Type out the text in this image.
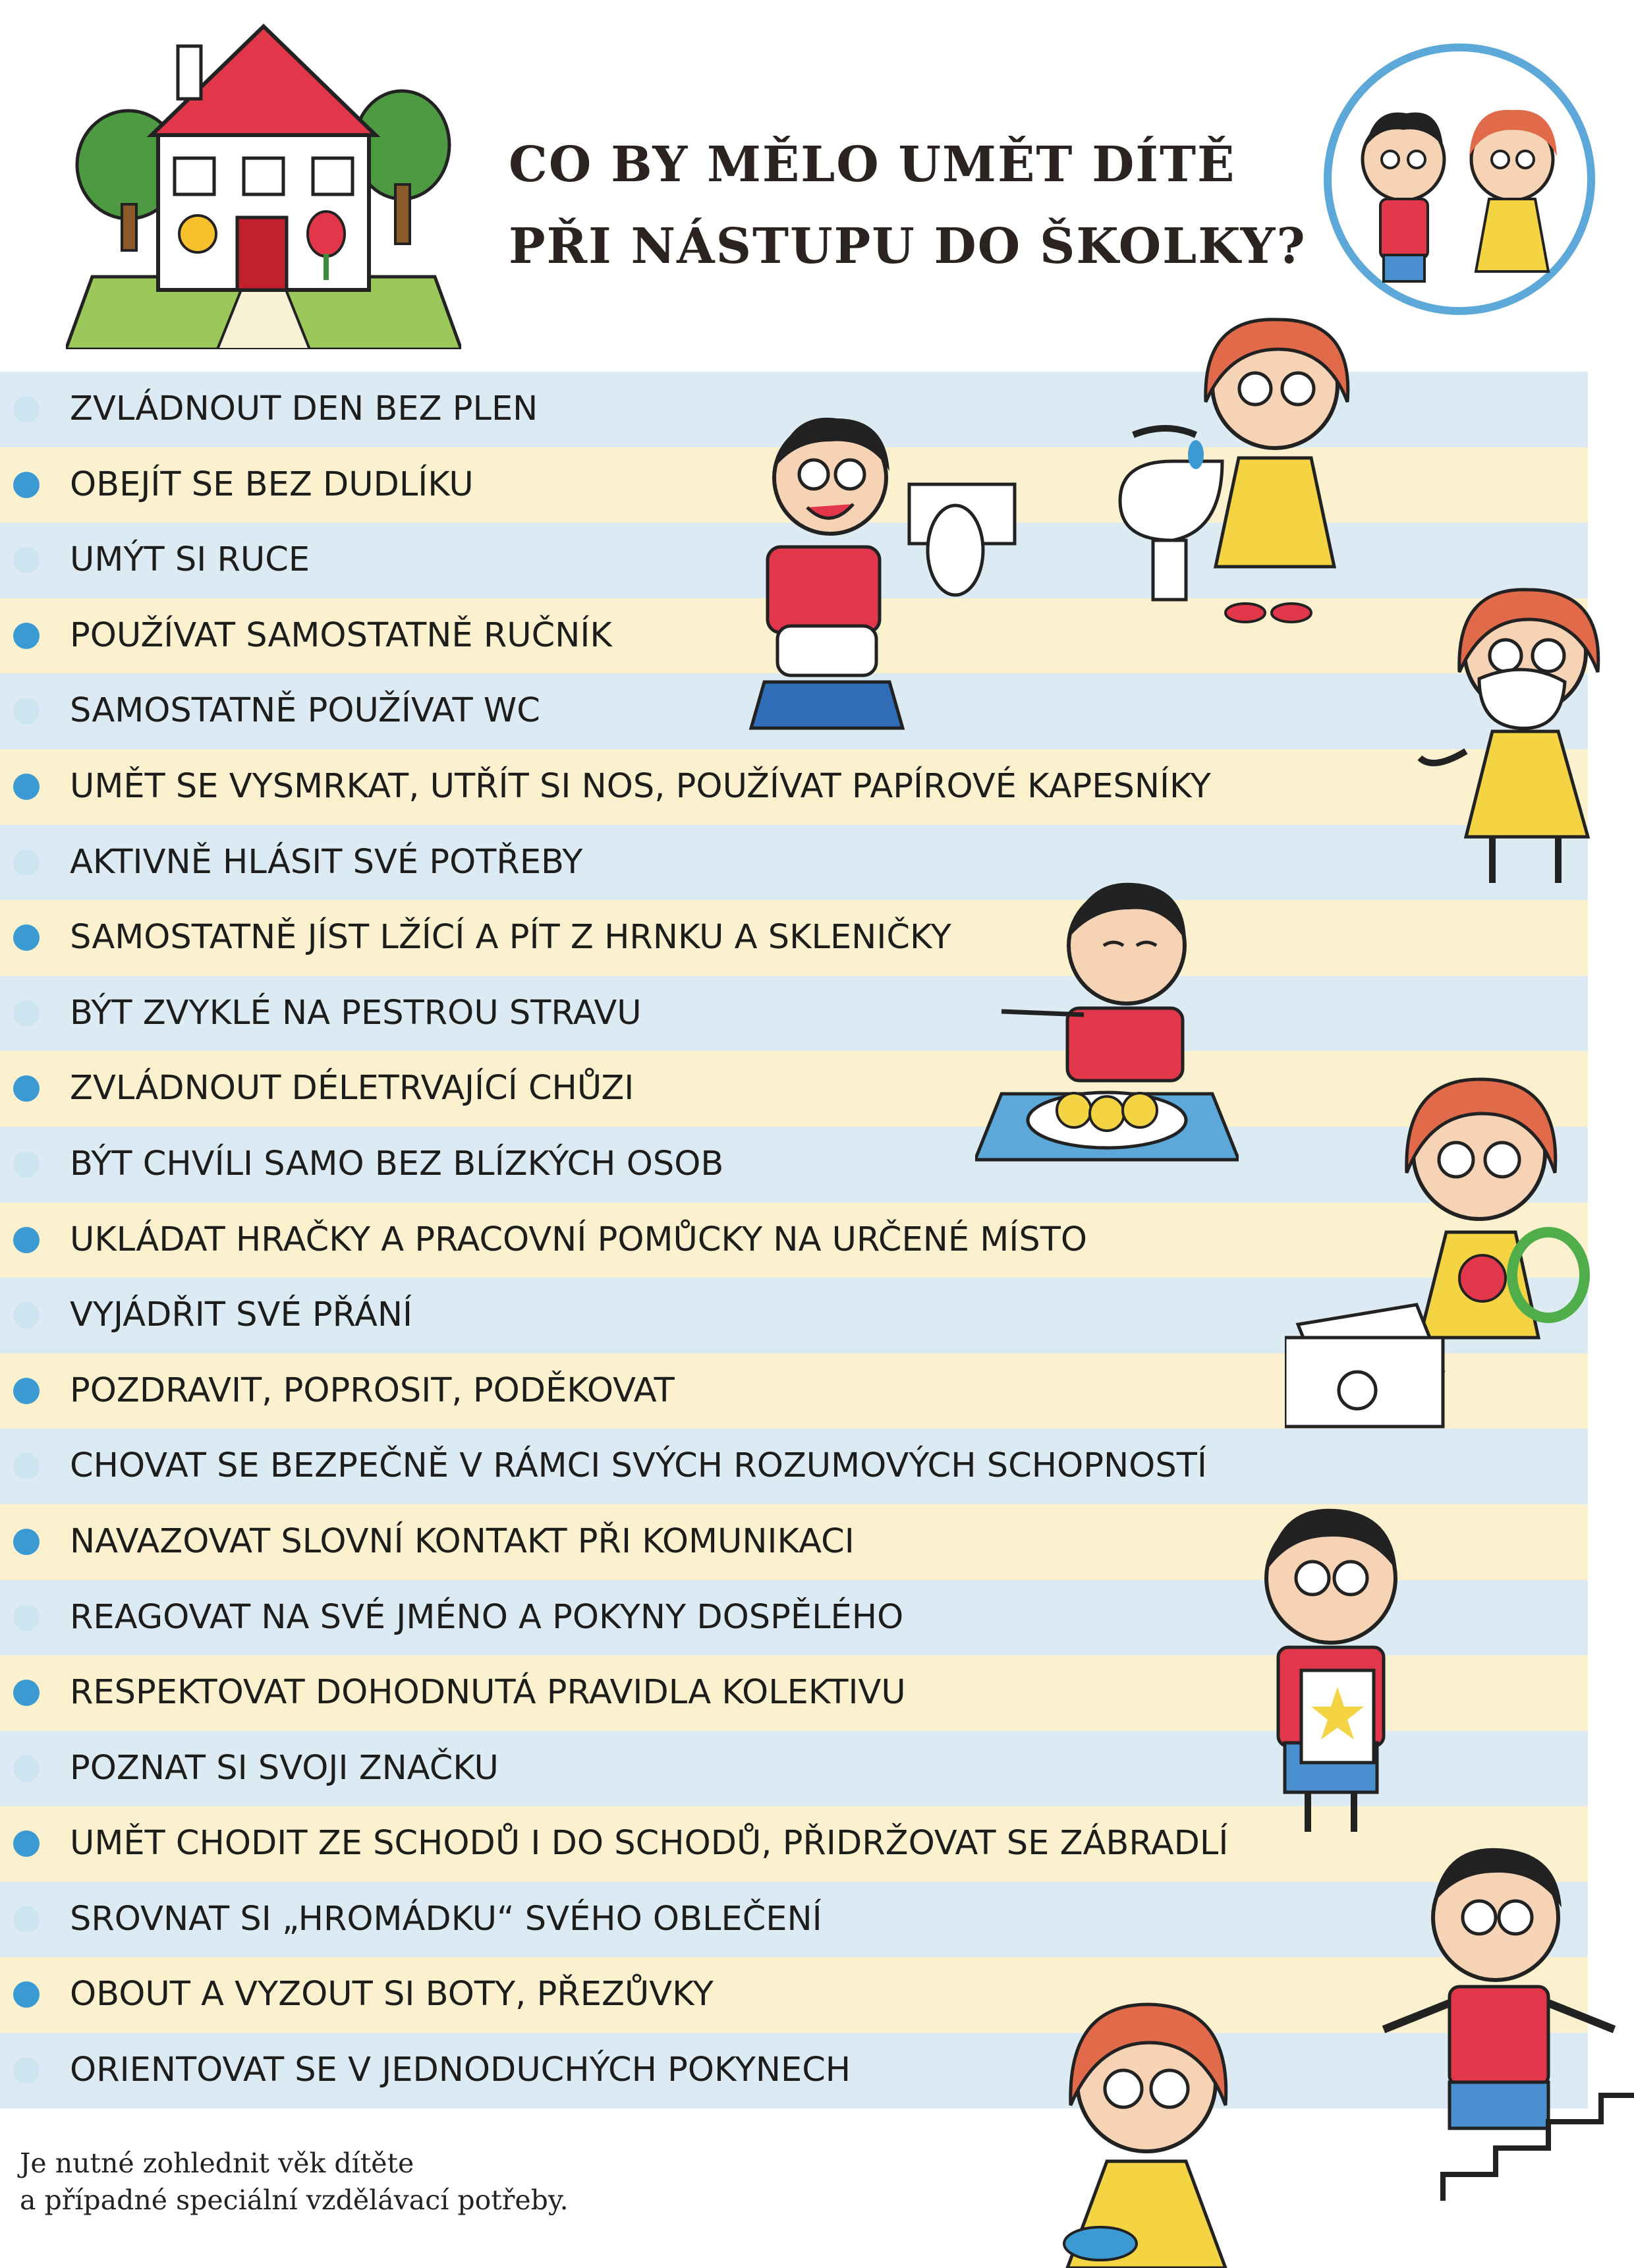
CO BY MĚLO UMĚT DÍTĚ
PŘI NÁSTUPU DO ŠKOLKY?
ZVLÁDNOUT DEN BEZ PLEN
OBEJÍT SE BEZ DUDLÍKU
UMÝT SI RUCE
POUŽÍVAT SAMOSTATNĚ RUČNÍK
SAMOSTATNĚ POUŽÍVAT WC
UMĚT SE VYSMRKAT, UTŘÍT SI NOS, POUŽÍVAT PAPÍROVÉ KAPESNÍKY
AKTIVNĚ HLÁSIT SVÉ POTŘEBY
SAMOSTATNĚ JÍST LŽÍCÍ A PÍT Z HRNKU A SKLENIČKY
BÝT ZVYKLÉ NA PESTROU STRAVU
ZVLÁDNOUT DÉLETRVAJÍCÍ CHŮZI
BÝT CHVÍLI SAMO BEZ BLÍZKÝCH OSOB
UKLÁDAT HRAČKY A PRACOVNÍ POMŮCKY NA URČENÉ MÍSTO
VYJÁDŘIT SVÉ PŘÁNÍ
POZDRAVIT, POPROSIT, PODĚKOVAT
CHOVAT SE BEZPEČNĚ V RÁMCI SVÝCH ROZUMOVÝCH SCHOPNOSTÍ
NAVAZOVAT SLOVNÍ KONTAKT PŘI KOMUNIKACI
REAGOVAT NA SVÉ JMÉNO A POKYNY DOSPĚLÉHO
RESPEKTOVAT DOHODNUTÁ PRAVIDLA KOLEKTIVU
POZNAT SI SVOJI ZNAČKU
UMĚT CHODIT ZE SCHODŮ I DO SCHODŮ, PŘIDRŽOVAT SE ZÁBRADLÍ
SROVNAT SI „HROMÁDKU“ SVÉHO OBLEČENÍ
OBOUT A VYZOUT SI BOTY, PŘEZŮVKY
ORIENTOVAT SE V JEDNODUCHÝCH POKYNECH

Je nutné zohlednit věk dítěte
a případné speciální vzdělávací potřeby.
